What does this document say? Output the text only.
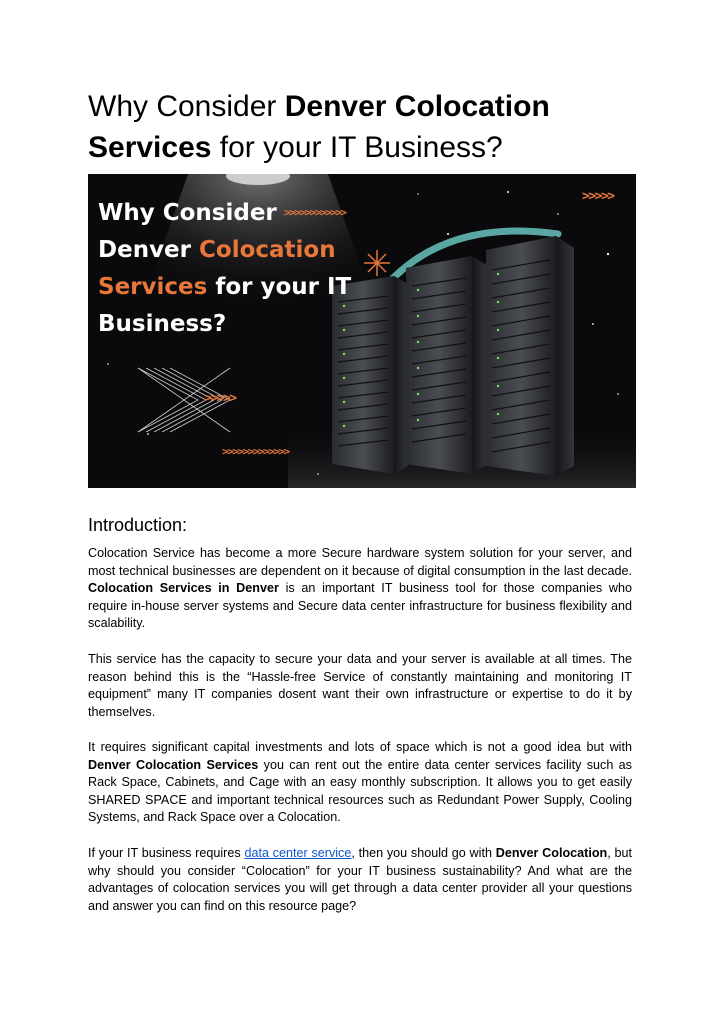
Why Consider Denver Colocation Services for your IT Business?
Why Consider
Denver Colocation
Services for your IT
Business?
>>>>>>>>>>>>
>>>>>
>>>>>
>>>>>>>>>>>>>
Introduction:

Colocation Service has become a more Secure hardware system solution for your server, and most technical businesses are dependent on it because of digital consumption in the last decade. Colocation Services in Denver is an important IT business tool for those companies who require in-house server systems and Secure data center infrastructure for business flexibility and scalability.

This service has the capacity to secure your data and your server is available at all times. The reason behind this is the “Hassle-free Service of constantly maintaining and monitoring IT equipment” many IT companies dosent want their own infrastructure or expertise to do it by themselves.

It requires significant capital investments and lots of space which is not a good idea but with Denver Colocation Services you can rent out the entire data center services facility such as Rack Space, Cabinets, and Cage with an easy monthly subscription. It allows you to get easily SHARED SPACE and important technical resources such as Redundant Power Supply, Cooling Systems, and Rack Space over a Colocation.

If your IT business requires data center service, then you should go with Denver Colocation, but why should you consider “Colocation” for your IT business sustainability? And what are the advantages of colocation services you will get through a data center provider all your questions and answer you can find on this resource page?
